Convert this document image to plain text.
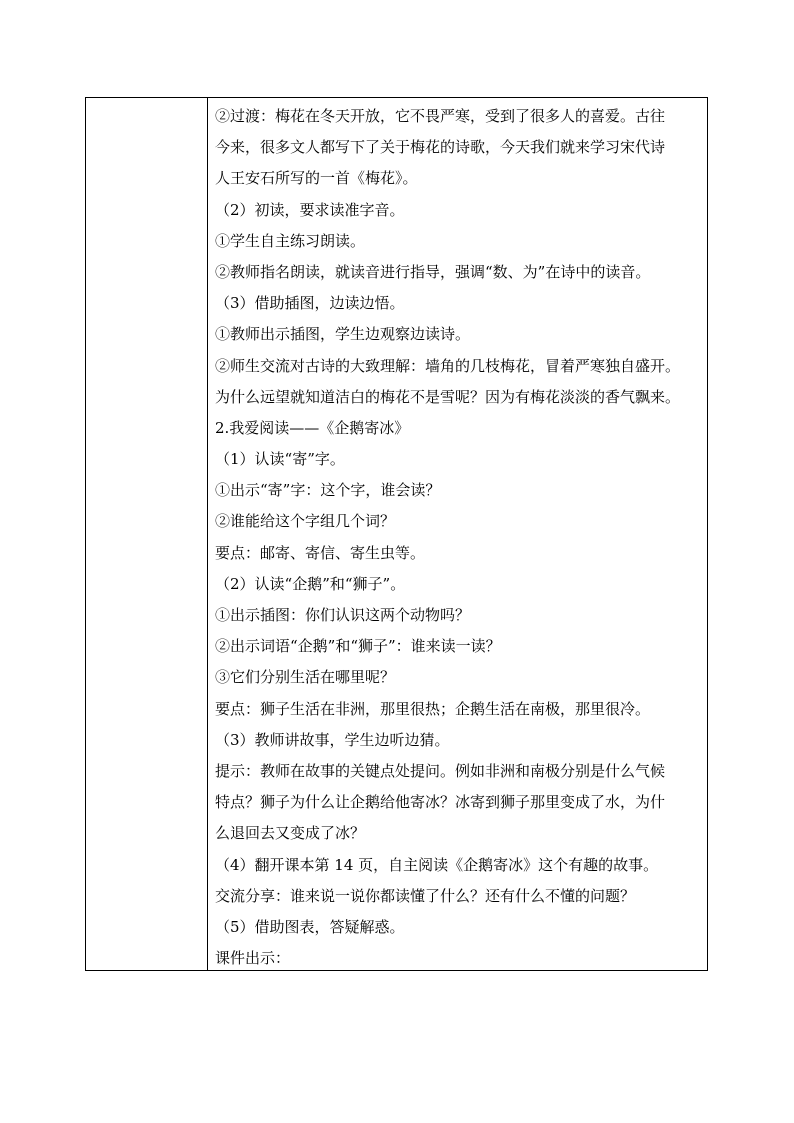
②过渡：梅花在冬天开放，它不畏严寒，受到了很多人的喜爱。古往
今来，很多文人都写下了关于梅花的诗歌，今天我们就来学习宋代诗
人王安石所写的一首《梅花》。
（2）初读，要求读准字音。
①学生自主练习朗读。
②教师指名朗读，就读音进行指导，强调“数、为”在诗中的读音。
（3）借助插图，边读边悟。
①教师出示插图，学生边观察边读诗。
②师生交流对古诗的大致理解：墙角的几枝梅花，冒着严寒独自盛开。
为什么远望就知道洁白的梅花不是雪呢？因为有梅花淡淡的香气飘来。
2.我爱阅读——《企鹅寄冰》
（1）认读“寄”字。
①出示“寄”字：这个字，谁会读？
②谁能给这个字组几个词？
要点：邮寄、寄信、寄生虫等。
（2）认读“企鹅”和“狮子”。
①出示插图：你们认识这两个动物吗？
②出示词语“企鹅”和“狮子”：谁来读一读？
③它们分别生活在哪里呢？
要点：狮子生活在非洲，那里很热；企鹅生活在南极，那里很冷。
（3）教师讲故事，学生边听边猜。
提示：教师在故事的关键点处提问。例如非洲和南极分别是什么气候
特点？狮子为什么让企鹅给他寄冰？冰寄到狮子那里变成了水，为什
么退回去又变成了冰？
（4）翻开课本第 14 页，自主阅读《企鹅寄冰》这个有趣的故事。
交流分享：谁来说一说你都读懂了什么？还有什么不懂的问题？
（5）借助图表，答疑解惑。
课件出示：
